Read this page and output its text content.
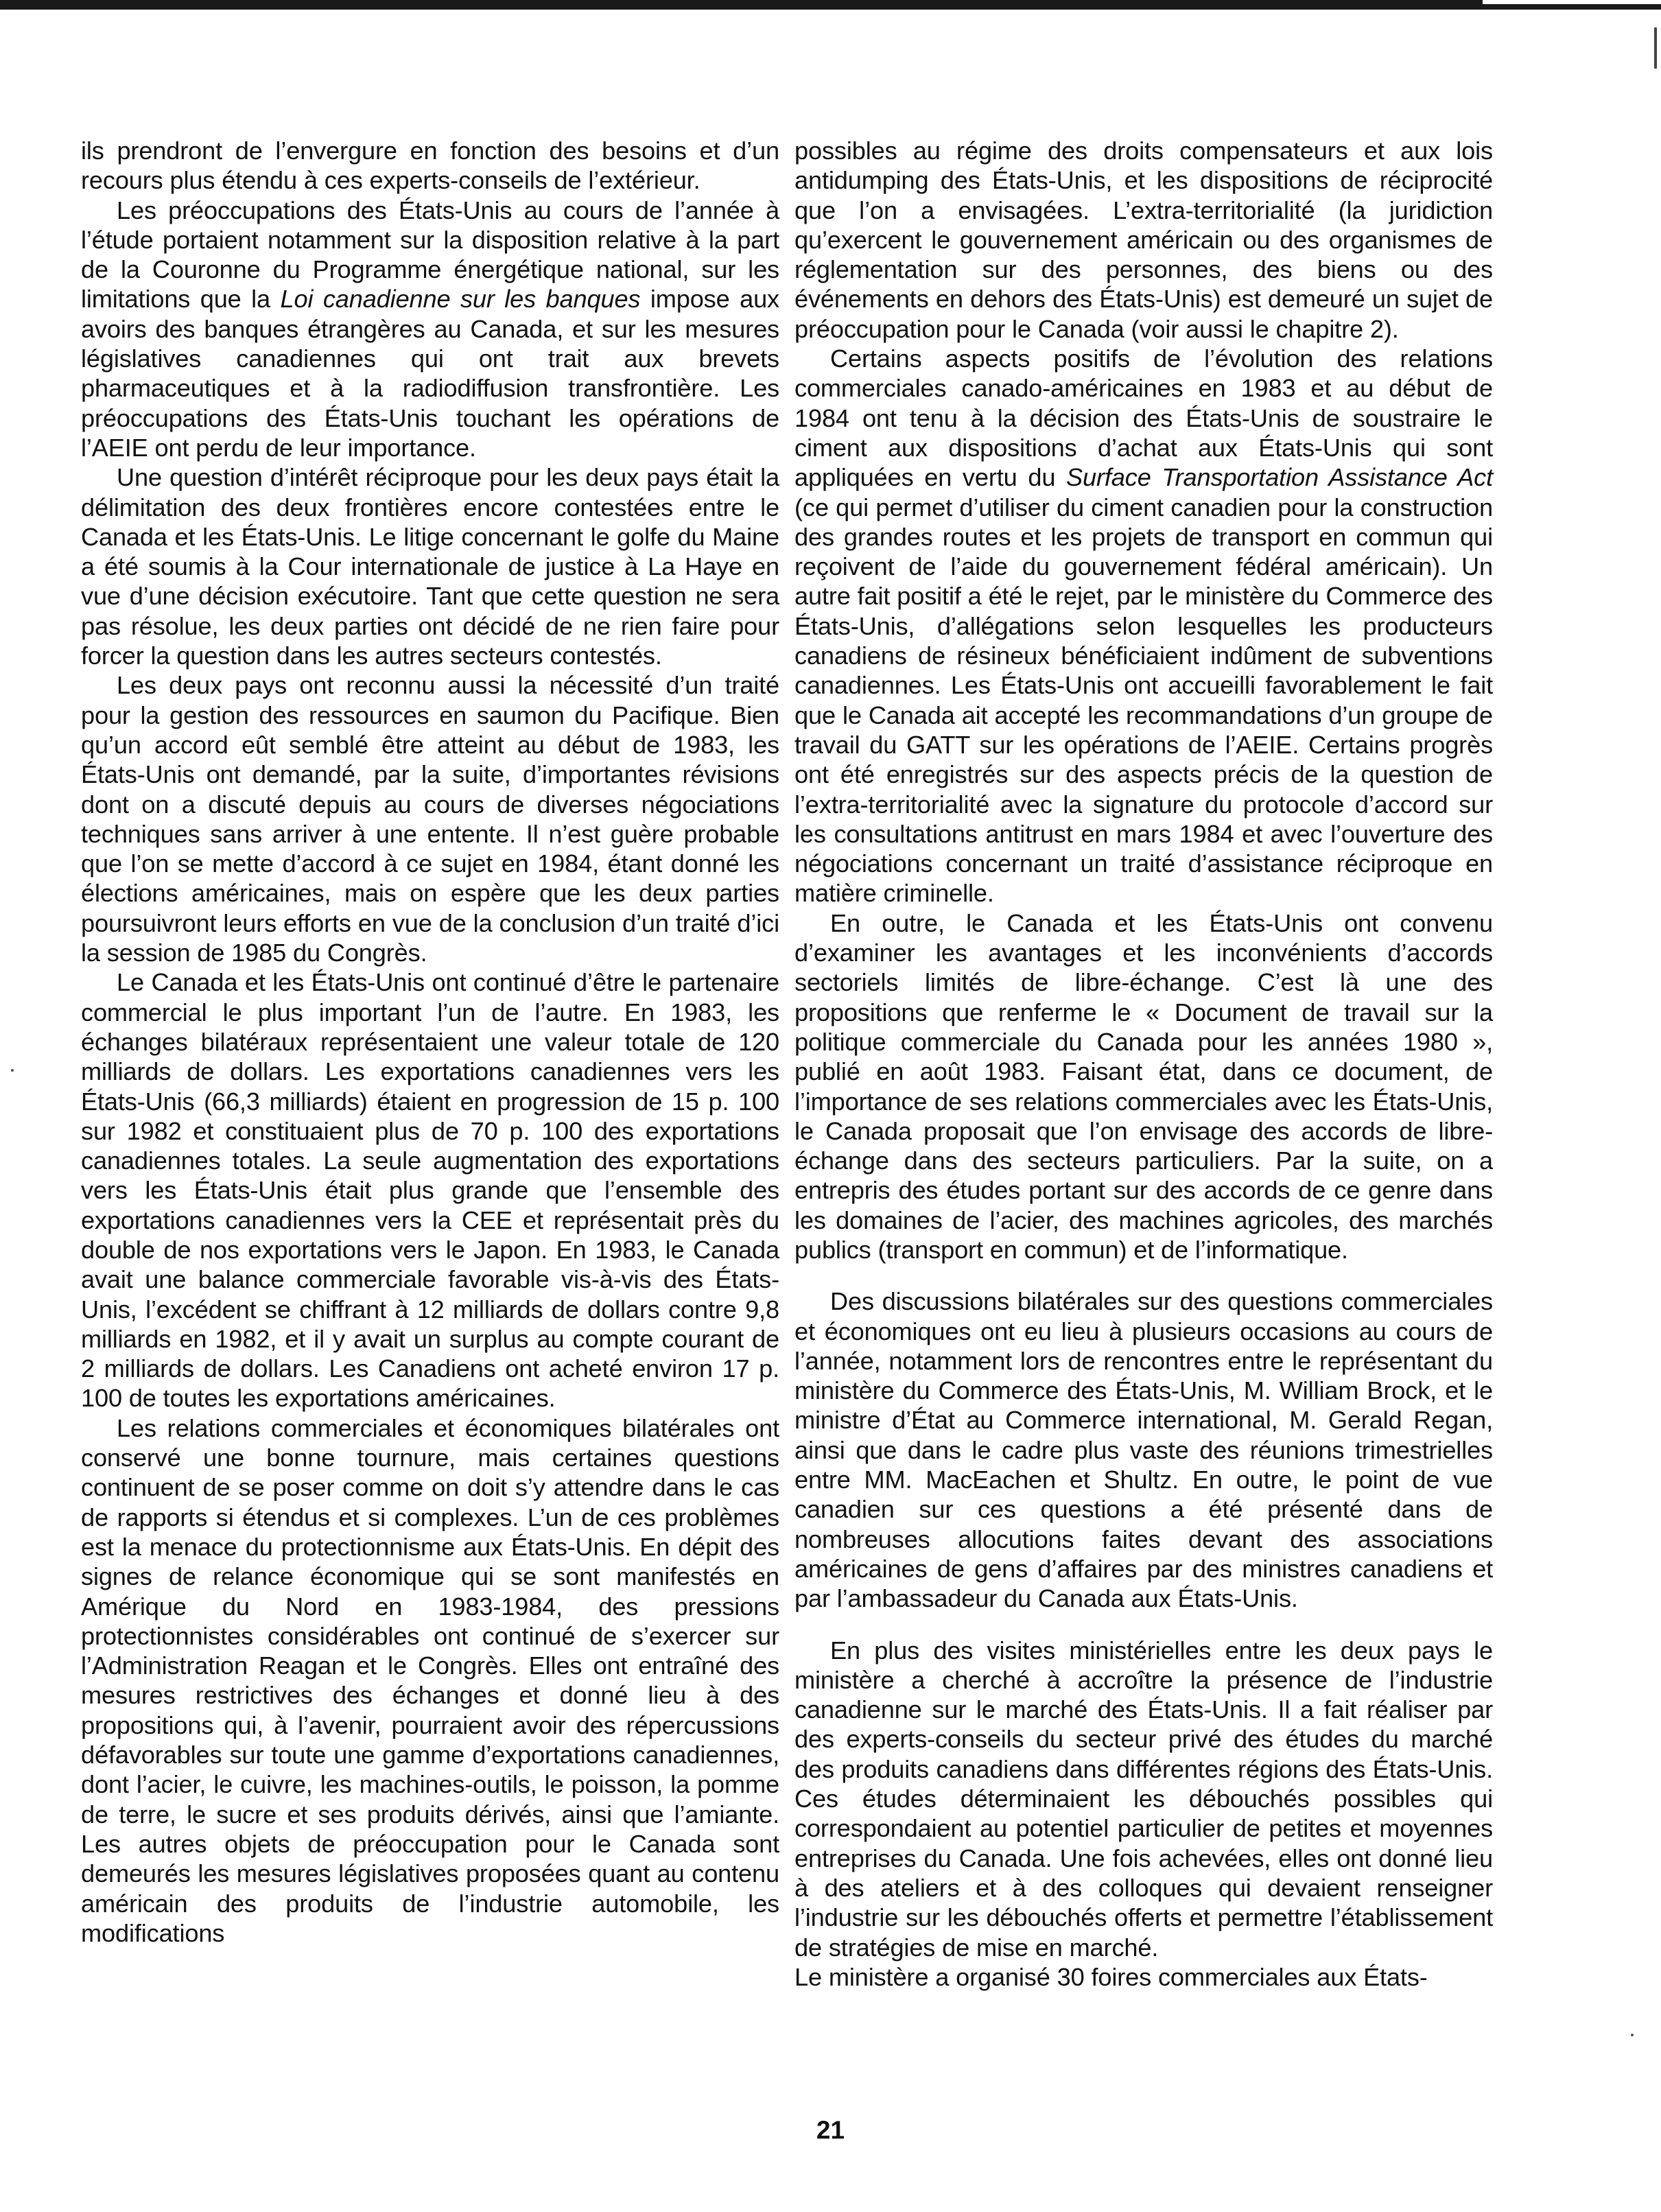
ils prendront de l’envergure en fonction des besoins et d’un recours plus étendu à ces experts-conseils de l’extérieur.

Les préoccupations des États-Unis au cours de l’année à l’étude portaient notamment sur la disposition relative à la part de la Couronne du Programme énergétique national, sur les limitations que la Loi canadienne sur les banques impose aux avoirs des banques étrangères au Canada, et sur les mesures législatives canadiennes qui ont trait aux brevets pharmaceutiques et à la radiodiffusion transfrontière. Les préoccupations des États-Unis touchant les opérations de l’AEIE ont perdu de leur importance.

Une question d’intérêt réciproque pour les deux pays était la délimitation des deux frontières encore contestées entre le Canada et les États-Unis. Le litige concernant le golfe du Maine a été soumis à la Cour internationale de justice à La Haye en vue d’une décision exécutoire. Tant que cette question ne sera pas résolue, les deux parties ont décidé de ne rien faire pour forcer la question dans les autres secteurs contestés.

Les deux pays ont reconnu aussi la nécessité d’un traité pour la gestion des ressources en saumon du Pacifique. Bien qu’un accord eût semblé être atteint au début de 1983, les États-Unis ont demandé, par la suite, d’importantes révisions dont on a discuté depuis au cours de diverses négociations techniques sans arriver à une entente. Il n’est guère probable que l’on se mette d’accord à ce sujet en 1984, étant donné les élections américaines, mais on espère que les deux parties poursuivront leurs efforts en vue de la conclusion d’un traité d’ici la session de 1985 du Congrès.

Le Canada et les États-Unis ont continué d’être le partenaire commercial le plus important l’un de l’autre. En 1983, les échanges bilatéraux représentaient une valeur totale de 120 milliards de dollars. Les exportations canadiennes vers les États-Unis (66,3 milliards) étaient en progression de 15 p. 100 sur 1982 et constituaient plus de 70 p. 100 des exportations canadiennes totales. La seule augmentation des exportations vers les États-Unis était plus grande que l’ensemble des exportations canadiennes vers la CEE et représentait près du double de nos exportations vers le Japon. En 1983, le Canada avait une balance commerciale favorable vis-à-vis des États-Unis, l’excédent se chiffrant à 12 milliards de dollars contre 9,8 milliards en 1982, et il y avait un surplus au compte courant de 2 milliards de dollars. Les Canadiens ont acheté environ 17 p. 100 de toutes les exportations américaines.

Les relations commerciales et économiques bilatérales ont conservé une bonne tournure, mais certaines questions continuent de se poser comme on doit s’y attendre dans le cas de rapports si étendus et si complexes. L’un de ces problèmes est la menace du protectionnisme aux États-Unis. En dépit des signes de relance économique qui se sont manifestés en Amérique du Nord en 1983-1984, des pressions protectionnistes considérables ont continué de s’exercer sur l’Administration Reagan et le Congrès. Elles ont entraîné des mesures restrictives des échanges et donné lieu à des propositions qui, à l’avenir, pourraient avoir des répercussions défavorables sur toute une gamme d’exportations canadiennes, dont l’acier, le cuivre, les machines-outils, le poisson, la pomme de terre, le sucre et ses produits dérivés, ainsi que l’amiante. Les autres objets de préoccupation pour le Canada sont demeurés les mesures législatives proposées quant au contenu américain des produits de l’industrie automobile, les modifications

possibles au régime des droits compensateurs et aux lois antidumping des États-Unis, et les dispositions de réciprocité que l’on a envisagées. L’extra-territorialité (la juridiction qu’exercent le gouvernement américain ou des organismes de réglementation sur des personnes, des biens ou des événements en dehors des États-Unis) est demeuré un sujet de préoccupation pour le Canada (voir aussi le chapitre 2).

Certains aspects positifs de l’évolution des relations commerciales canado-américaines en 1983 et au début de 1984 ont tenu à la décision des États-Unis de soustraire le ciment aux dispositions d’achat aux États-Unis qui sont appliquées en vertu du Surface Transportation Assistance Act (ce qui permet d’utiliser du ciment canadien pour la construction des grandes routes et les projets de transport en commun qui reçoivent de l’aide du gouvernement fédéral américain). Un autre fait positif a été le rejet, par le ministère du Commerce des États-Unis, d’allégations selon lesquelles les producteurs canadiens de résineux bénéficiaient indûment de subventions canadiennes. Les États-Unis ont accueilli favorablement le fait que le Canada ait accepté les recommandations d’un groupe de travail du GATT sur les opérations de l’AEIE. Certains progrès ont été enregistrés sur des aspects précis de la question de l’extra-territorialité avec la signature du protocole d’accord sur les consultations antitrust en mars 1984 et avec l’ouverture des négociations concernant un traité d’assistance réciproque en matière criminelle.

En outre, le Canada et les États-Unis ont convenu d’examiner les avantages et les inconvénients d’accords sectoriels limités de libre-échange. C’est là une des propositions que renferme le « Document de travail sur la politique commerciale du Canada pour les années 1980 », publié en août 1983. Faisant état, dans ce document, de l’importance de ses relations commerciales avec les États-Unis, le Canada proposait que l’on envisage des accords de libre-échange dans des secteurs particuliers. Par la suite, on a entrepris des études portant sur des accords de ce genre dans les domaines de l’acier, des machines agricoles, des marchés publics (transport en commun) et de l’informatique.

Des discussions bilatérales sur des questions commerciales et économiques ont eu lieu à plusieurs occasions au cours de l’année, notamment lors de rencontres entre le représentant du ministère du Commerce des États-Unis, M. William Brock, et le ministre d’État au Commerce international, M. Gerald Regan, ainsi que dans le cadre plus vaste des réunions trimestrielles entre MM. MacEachen et Shultz. En outre, le point de vue canadien sur ces questions a été présenté dans de nombreuses allocutions faites devant des associations américaines de gens d’affaires par des ministres canadiens et par l’ambassadeur du Canada aux États-Unis.

En plus des visites ministérielles entre les deux pays le ministère a cherché à accroître la présence de l’industrie canadienne sur le marché des États-Unis. Il a fait réaliser par des experts-conseils du secteur privé des études du marché des produits canadiens dans différentes régions des États-Unis. Ces études déterminaient les débouchés possibles qui correspondaient au potentiel particulier de petites et moyennes entreprises du Canada. Une fois achevées, elles ont donné lieu à des ateliers et à des colloques qui devaient renseigner l’industrie sur les débouchés offerts et permettre l’établissement de stratégies de mise en marché.

Le ministère a organisé 30 foires commerciales aux États-

21
